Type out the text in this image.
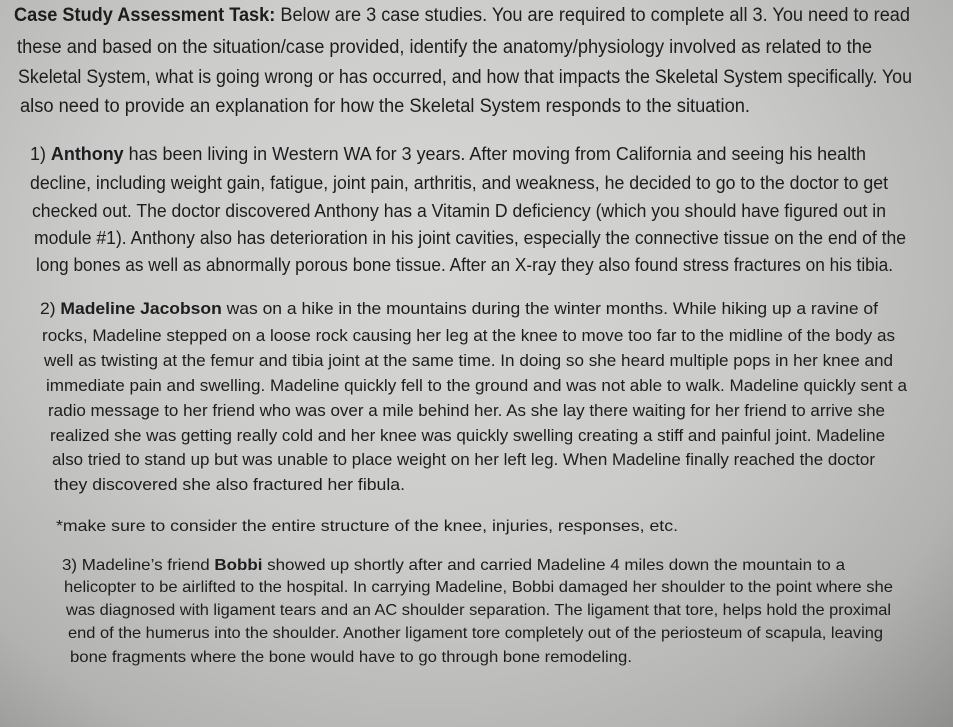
Case Study Assessment Task: Below are 3 case studies. You are required to complete all 3. You need to read
these and based on the situation/case provided, identify the anatomy/physiology involved as related to the
Skeletal System, what is going wrong or has occurred, and how that impacts the Skeletal System specifically. You
also need to provide an explanation for how the Skeletal System responds to the situation.
1) Anthony has been living in Western WA for 3 years. After moving from California and seeing his health
decline, including weight gain, fatigue, joint pain, arthritis, and weakness, he decided to go to the doctor to get
checked out. The doctor discovered Anthony has a Vitamin D deficiency (which you should have figured out in
module #1). Anthony also has deterioration in his joint cavities, especially the connective tissue on the end of the
long bones as well as abnormally porous bone tissue. After an X-ray they also found stress fractures on his tibia.
2) Madeline Jacobson was on a hike in the mountains during the winter months. While hiking up a ravine of
rocks, Madeline stepped on a loose rock causing her leg at the knee to move too far to the midline of the body as
well as twisting at the femur and tibia joint at the same time. In doing so she heard multiple pops in her knee and
immediate pain and swelling. Madeline quickly fell to the ground and was not able to walk. Madeline quickly sent a
radio message to her friend who was over a mile behind her. As she lay there waiting for her friend to arrive she
realized she was getting really cold and her knee was quickly swelling creating a stiff and painful joint. Madeline
also tried to stand up but was unable to place weight on her left leg. When Madeline finally reached the doctor
they discovered she also fractured her fibula.
*make sure to consider the entire structure of the knee, injuries, responses, etc.
3) Madeline’s friend Bobbi showed up shortly after and carried Madeline 4 miles down the mountain to a
helicopter to be airlifted to the hospital. In carrying Madeline, Bobbi damaged her shoulder to the point where she
was diagnosed with ligament tears and an AC shoulder separation. The ligament that tore, helps hold the proximal
end of the humerus into the shoulder. Another ligament tore completely out of the periosteum of scapula, leaving
bone fragments where the bone would have to go through bone remodeling.
